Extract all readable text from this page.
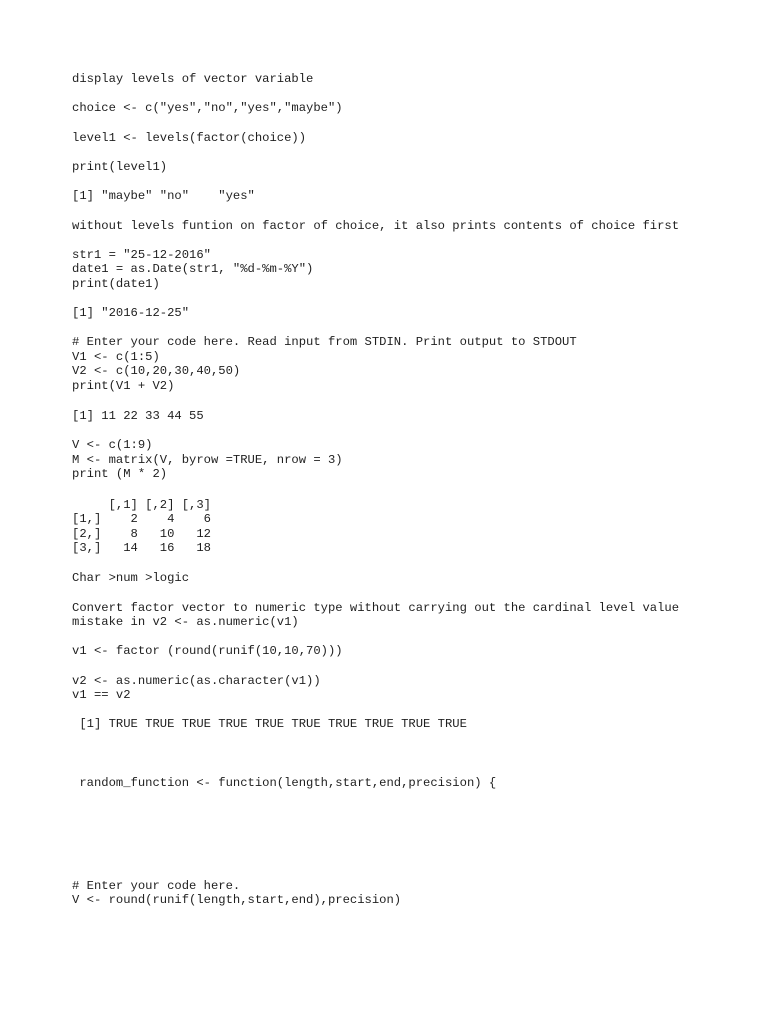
display levels of vector variable
choice <- c("yes","no","yes","maybe")
level1 <- levels(factor(choice))
print(level1)
[1] "maybe" "no"    "yes"
without levels funtion on factor of choice, it also prints contents of choice first
str1 = "25-12-2016"
date1 = as.Date(str1, "%d-%m-%Y")
print(date1)
[1] "2016-12-25"
# Enter your code here. Read input from STDIN. Print output to STDOUT
V1 <- c(1:5)
V2 <- c(10,20,30,40,50)
print(V1 + V2)
[1] 11 22 33 44 55
V <- c(1:9)
M <- matrix(V, byrow =TRUE, nrow = 3)
print (M * 2)
[,1] [,2] [,3]
[1,]    2    4    6
[2,]    8   10   12
[3,]   14   16   18
Char >num >logic
Convert factor vector to numeric type without carrying out the cardinal level value
mistake in v2 <- as.numeric(v1)
v1 <- factor (round(runif(10,10,70)))
v2 <- as.numeric(as.character(v1))
v1 == v2
[1] TRUE TRUE TRUE TRUE TRUE TRUE TRUE TRUE TRUE TRUE
random_function <- function(length,start,end,precision) {
# Enter your code here.
V <- round(runif(length,start,end),precision)
